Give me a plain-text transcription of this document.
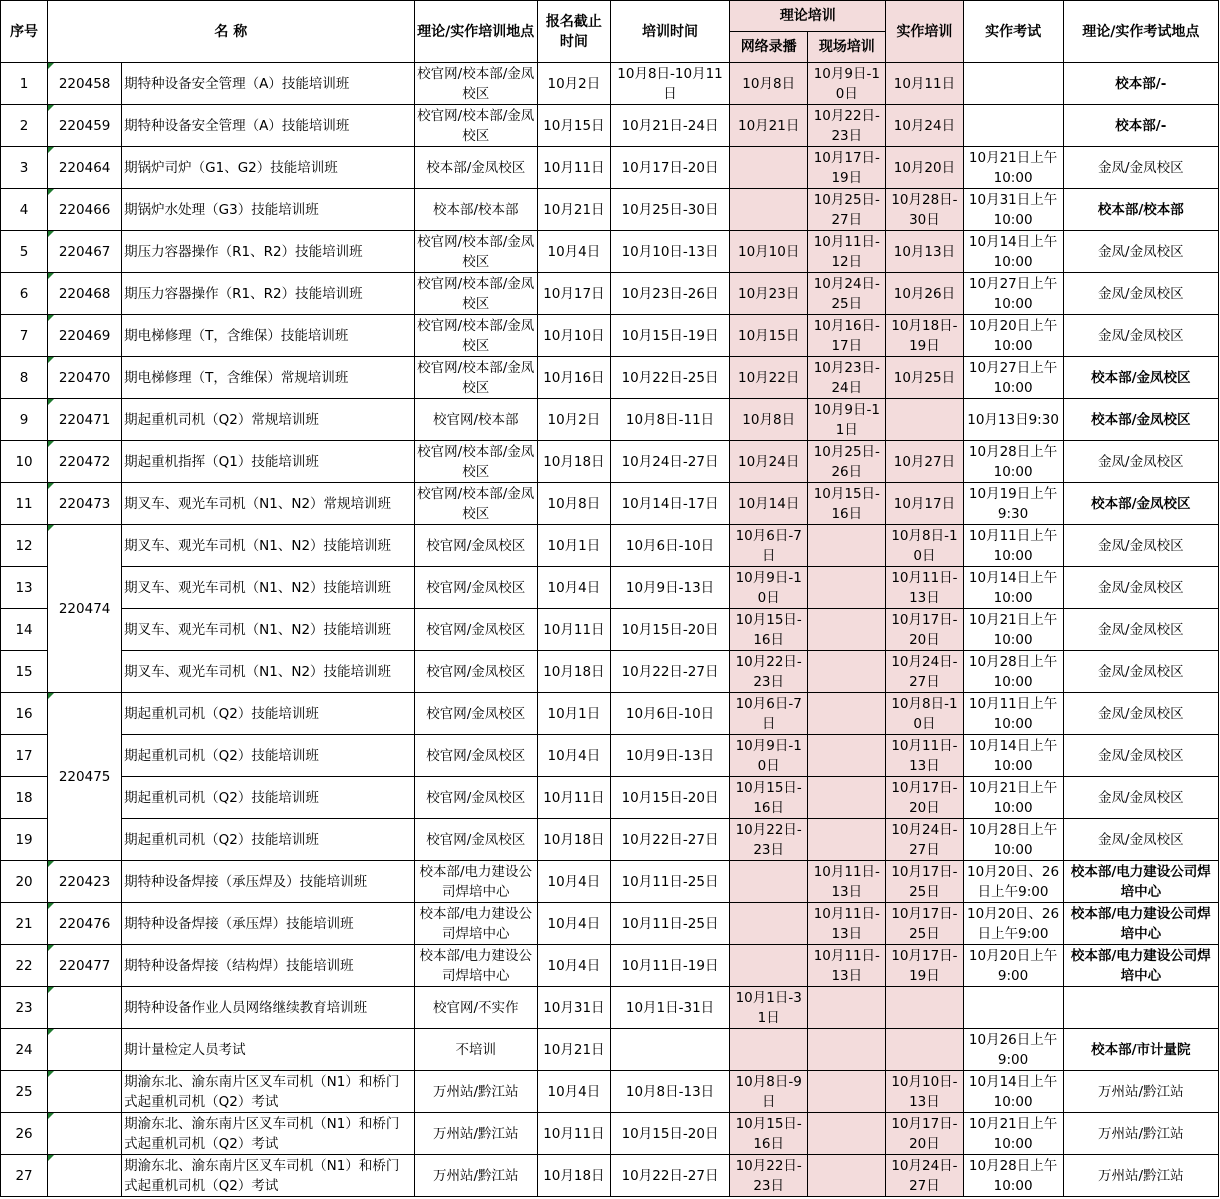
序号	名 称		理论/实作培训地点	报名截止时间	培训时间	理论培训		实作培训	实作考试	理论/实作考试地点
						网络录播	现场培训			
1	220458	期特种设备安全管理（A）技能培训班	校官网/校本部/金凤校区	10月2日	10月8日-10月11日	10月8日	10月9日-10日	10月11日		校本部/-
2	220459	期特种设备安全管理（A）技能培训班	校官网/校本部/金凤校区	10月15日	10月21日-24日	10月21日	10月22日-23日	10月24日		校本部/-
3	220464	期锅炉司炉（G1、G2）技能培训班	校本部/金凤校区	10月11日	10月17日-20日		10月17日-19日	10月20日	10月21日上午10:00	金凤/金凤校区
4	220466	期锅炉水处理（G3）技能培训班	校本部/校本部	10月21日	10月25日-30日		10月25日-27日	10月28日-30日	10月31日上午10:00	校本部/校本部
5	220467	期压力容器操作（R1、R2）技能培训班	校官网/校本部/金凤校区	10月4日	10月10日-13日	10月10日	10月11日-12日	10月13日	10月14日上午10:00	金凤/金凤校区
6	220468	期压力容器操作（R1、R2）技能培训班	校官网/校本部/金凤校区	10月17日	10月23日-26日	10月23日	10月24日-25日	10月26日	10月27日上午10:00	金凤/金凤校区
7	220469	期电梯修理（T，含维保）技能培训班	校官网/校本部/金凤校区	10月10日	10月15日-19日	10月15日	10月16日-17日	10月18日-19日	10月20日上午10:00	金凤/金凤校区
8	220470	期电梯修理（T，含维保）常规培训班	校官网/校本部/金凤校区	10月16日	10月22日-25日	10月22日	10月23日-24日	10月25日	10月27日上午10:00	校本部/金凤校区
9	220471	期起重机司机（Q2）常规培训班	校官网/校本部	10月2日	10月8日-11日	10月8日	10月9日-11日		10月13日9:30	校本部/金凤校区
10	220472	期起重机指挥（Q1）技能培训班	校官网/校本部/金凤校区	10月18日	10月24日-27日	10月24日	10月25日-26日	10月27日	10月28日上午10:00	金凤/金凤校区
11	220473	期叉车、观光车司机（N1、N2）常规培训班	校官网/校本部/金凤校区	10月8日	10月14日-17日	10月14日	10月15日-16日	10月17日	10月19日上午9:30	校本部/金凤校区
12	220474	期叉车、观光车司机（N1、N2）技能培训班	校官网/金凤校区	10月1日	10月6日-10日	10月6日-7日		10月8日-10日	10月11日上午10:00	金凤/金凤校区
13		期叉车、观光车司机（N1、N2）技能培训班	校官网/金凤校区	10月4日	10月9日-13日	10月9日-10日		10月11日-13日	10月14日上午10:00	金凤/金凤校区
14		期叉车、观光车司机（N1、N2）技能培训班	校官网/金凤校区	10月11日	10月15日-20日	10月15日-16日		10月17日-20日	10月21日上午10:00	金凤/金凤校区
15		期叉车、观光车司机（N1、N2）技能培训班	校官网/金凤校区	10月18日	10月22日-27日	10月22日-23日		10月24日-27日	10月28日上午10:00	金凤/金凤校区
16	220475	期起重机司机（Q2）技能培训班	校官网/金凤校区	10月1日	10月6日-10日	10月6日-7日		10月8日-10日	10月11日上午10:00	金凤/金凤校区
17		期起重机司机（Q2）技能培训班	校官网/金凤校区	10月4日	10月9日-13日	10月9日-10日		10月11日-13日	10月14日上午10:00	金凤/金凤校区
18		期起重机司机（Q2）技能培训班	校官网/金凤校区	10月11日	10月15日-20日	10月15日-16日		10月17日-20日	10月21日上午10:00	金凤/金凤校区
19		期起重机司机（Q2）技能培训班	校官网/金凤校区	10月18日	10月22日-27日	10月22日-23日		10月24日-27日	10月28日上午10:00	金凤/金凤校区
20	220423	期特种设备焊接（承压焊及）技能培训班	校本部/电力建设公司焊培中心	10月4日	10月11日-25日		10月11日-13日	10月17日-25日	10月20日、26日上午9:00	校本部/电力建设公司焊培中心
21	220476	期特种设备焊接（承压焊）技能培训班	校本部/电力建设公司焊培中心	10月4日	10月11日-25日		10月11日-13日	10月17日-25日	10月20日、26日上午9:00	校本部/电力建设公司焊培中心
22	220477	期特种设备焊接（结构焊）技能培训班	校本部/电力建设公司焊培中心	10月4日	10月11日-19日		10月11日-13日	10月17日-19日	10月20日上午9:00	校本部/电力建设公司焊培中心
23		期特种设备作业人员网络继续教育培训班	校官网/不实作	10月31日	10月1日-31日	10月1日-31日				
24		期计量检定人员考试	不培训	10月21日					10月26日上午9:00	校本部/市计量院
25		期渝东北、渝东南片区叉车司机（N1）和桥门式起重机司机（Q2）考试	万州站/黔江站	10月4日	10月8日-13日	10月8日-9日		10月10日-13日	10月14日上午10:00	万州站/黔江站
26		期渝东北、渝东南片区叉车司机（N1）和桥门式起重机司机（Q2）考试	万州站/黔江站	10月11日	10月15日-20日	10月15日-16日		10月17日-20日	10月21日上午10:00	万州站/黔江站
27		期渝东北、渝东南片区叉车司机（N1）和桥门式起重机司机（Q2）考试	万州站/黔江站	10月18日	10月22日-27日	10月22日-23日		10月24日-27日	10月28日上午10:00	万州站/黔江站
